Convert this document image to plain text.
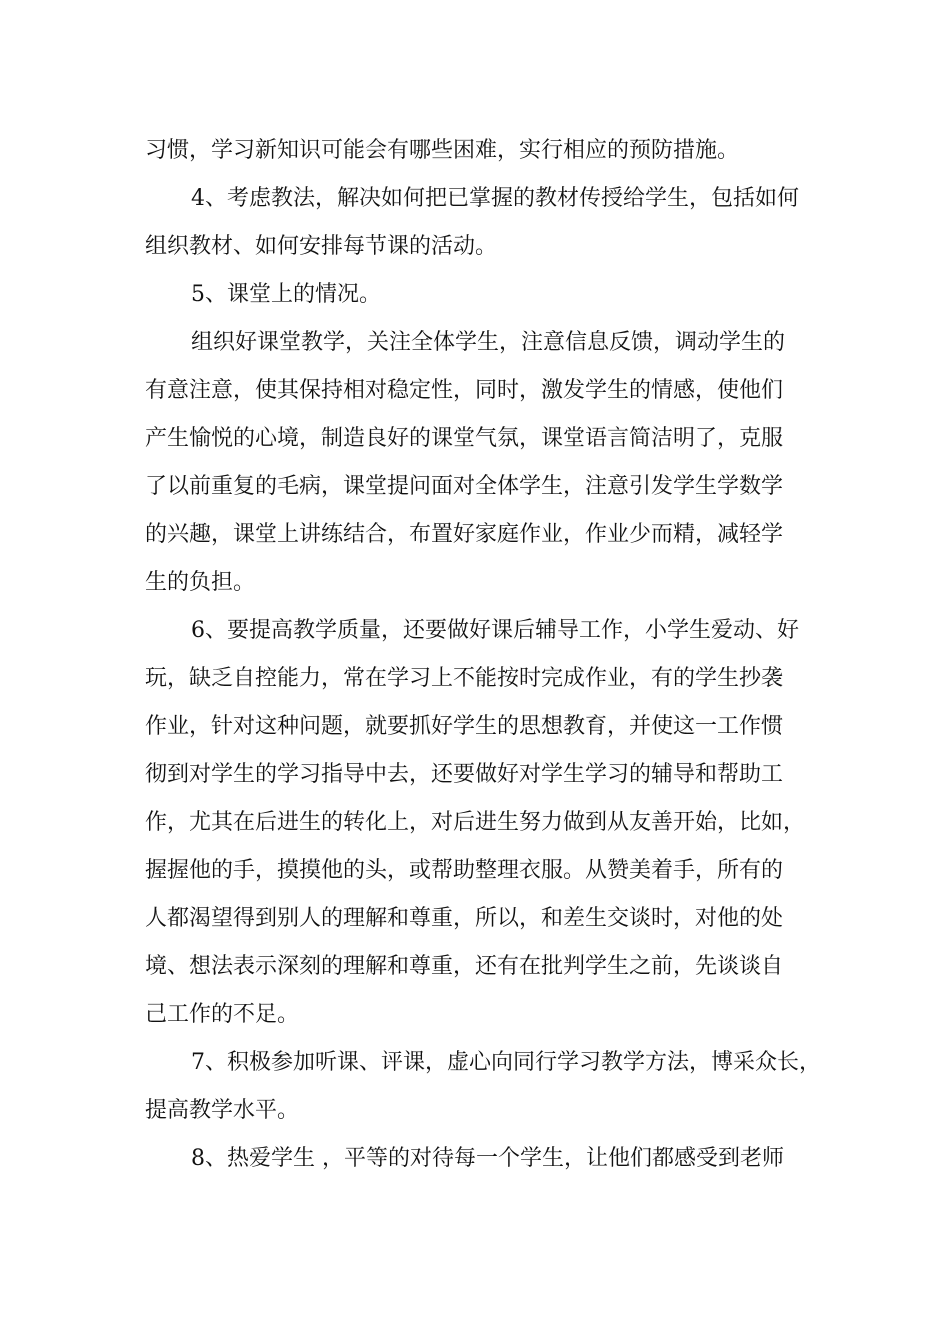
习惯，学习新知识可能会有哪些困难，实行相应的预防措施。
4、考虑教法，解决如何把已掌握的教材传授给学生，包括如何
组织教材、如何安排每节课的活动。
5、课堂上的情况。
组织好课堂教学，关注全体学生，注意信息反馈，调动学生的
有意注意，使其保持相对稳定性，同时，激发学生的情感，使他们
产生愉悦的心境，制造良好的课堂气氛，课堂语言简洁明了，克服
了以前重复的毛病，课堂提问面对全体学生，注意引发学生学数学
的兴趣，课堂上讲练结合，布置好家庭作业，作业少而精，减轻学
生的负担。
6、要提高教学质量，还要做好课后辅导工作，小学生爱动、好
玩，缺乏自控能力，常在学习上不能按时完成作业，有的学生抄袭
作业，针对这种问题，就要抓好学生的思想教育，并使这一工作惯
彻到对学生的学习指导中去，还要做好对学生学习的辅导和帮助工
作，尤其在后进生的转化上，对后进生努力做到从友善开始，比如，
握握他的手，摸摸他的头，或帮助整理衣服。从赞美着手，所有的
人都渴望得到别人的理解和尊重，所以，和差生交谈时，对他的处
境、想法表示深刻的理解和尊重，还有在批判学生之前，先谈谈自
己工作的不足。
7、积极参加听课、评课，虚心向同行学习教学方法，博采众长，
提高教学水平。
8、热爱学生 ，平等的对待每一个学生，让他们都感受到老师
